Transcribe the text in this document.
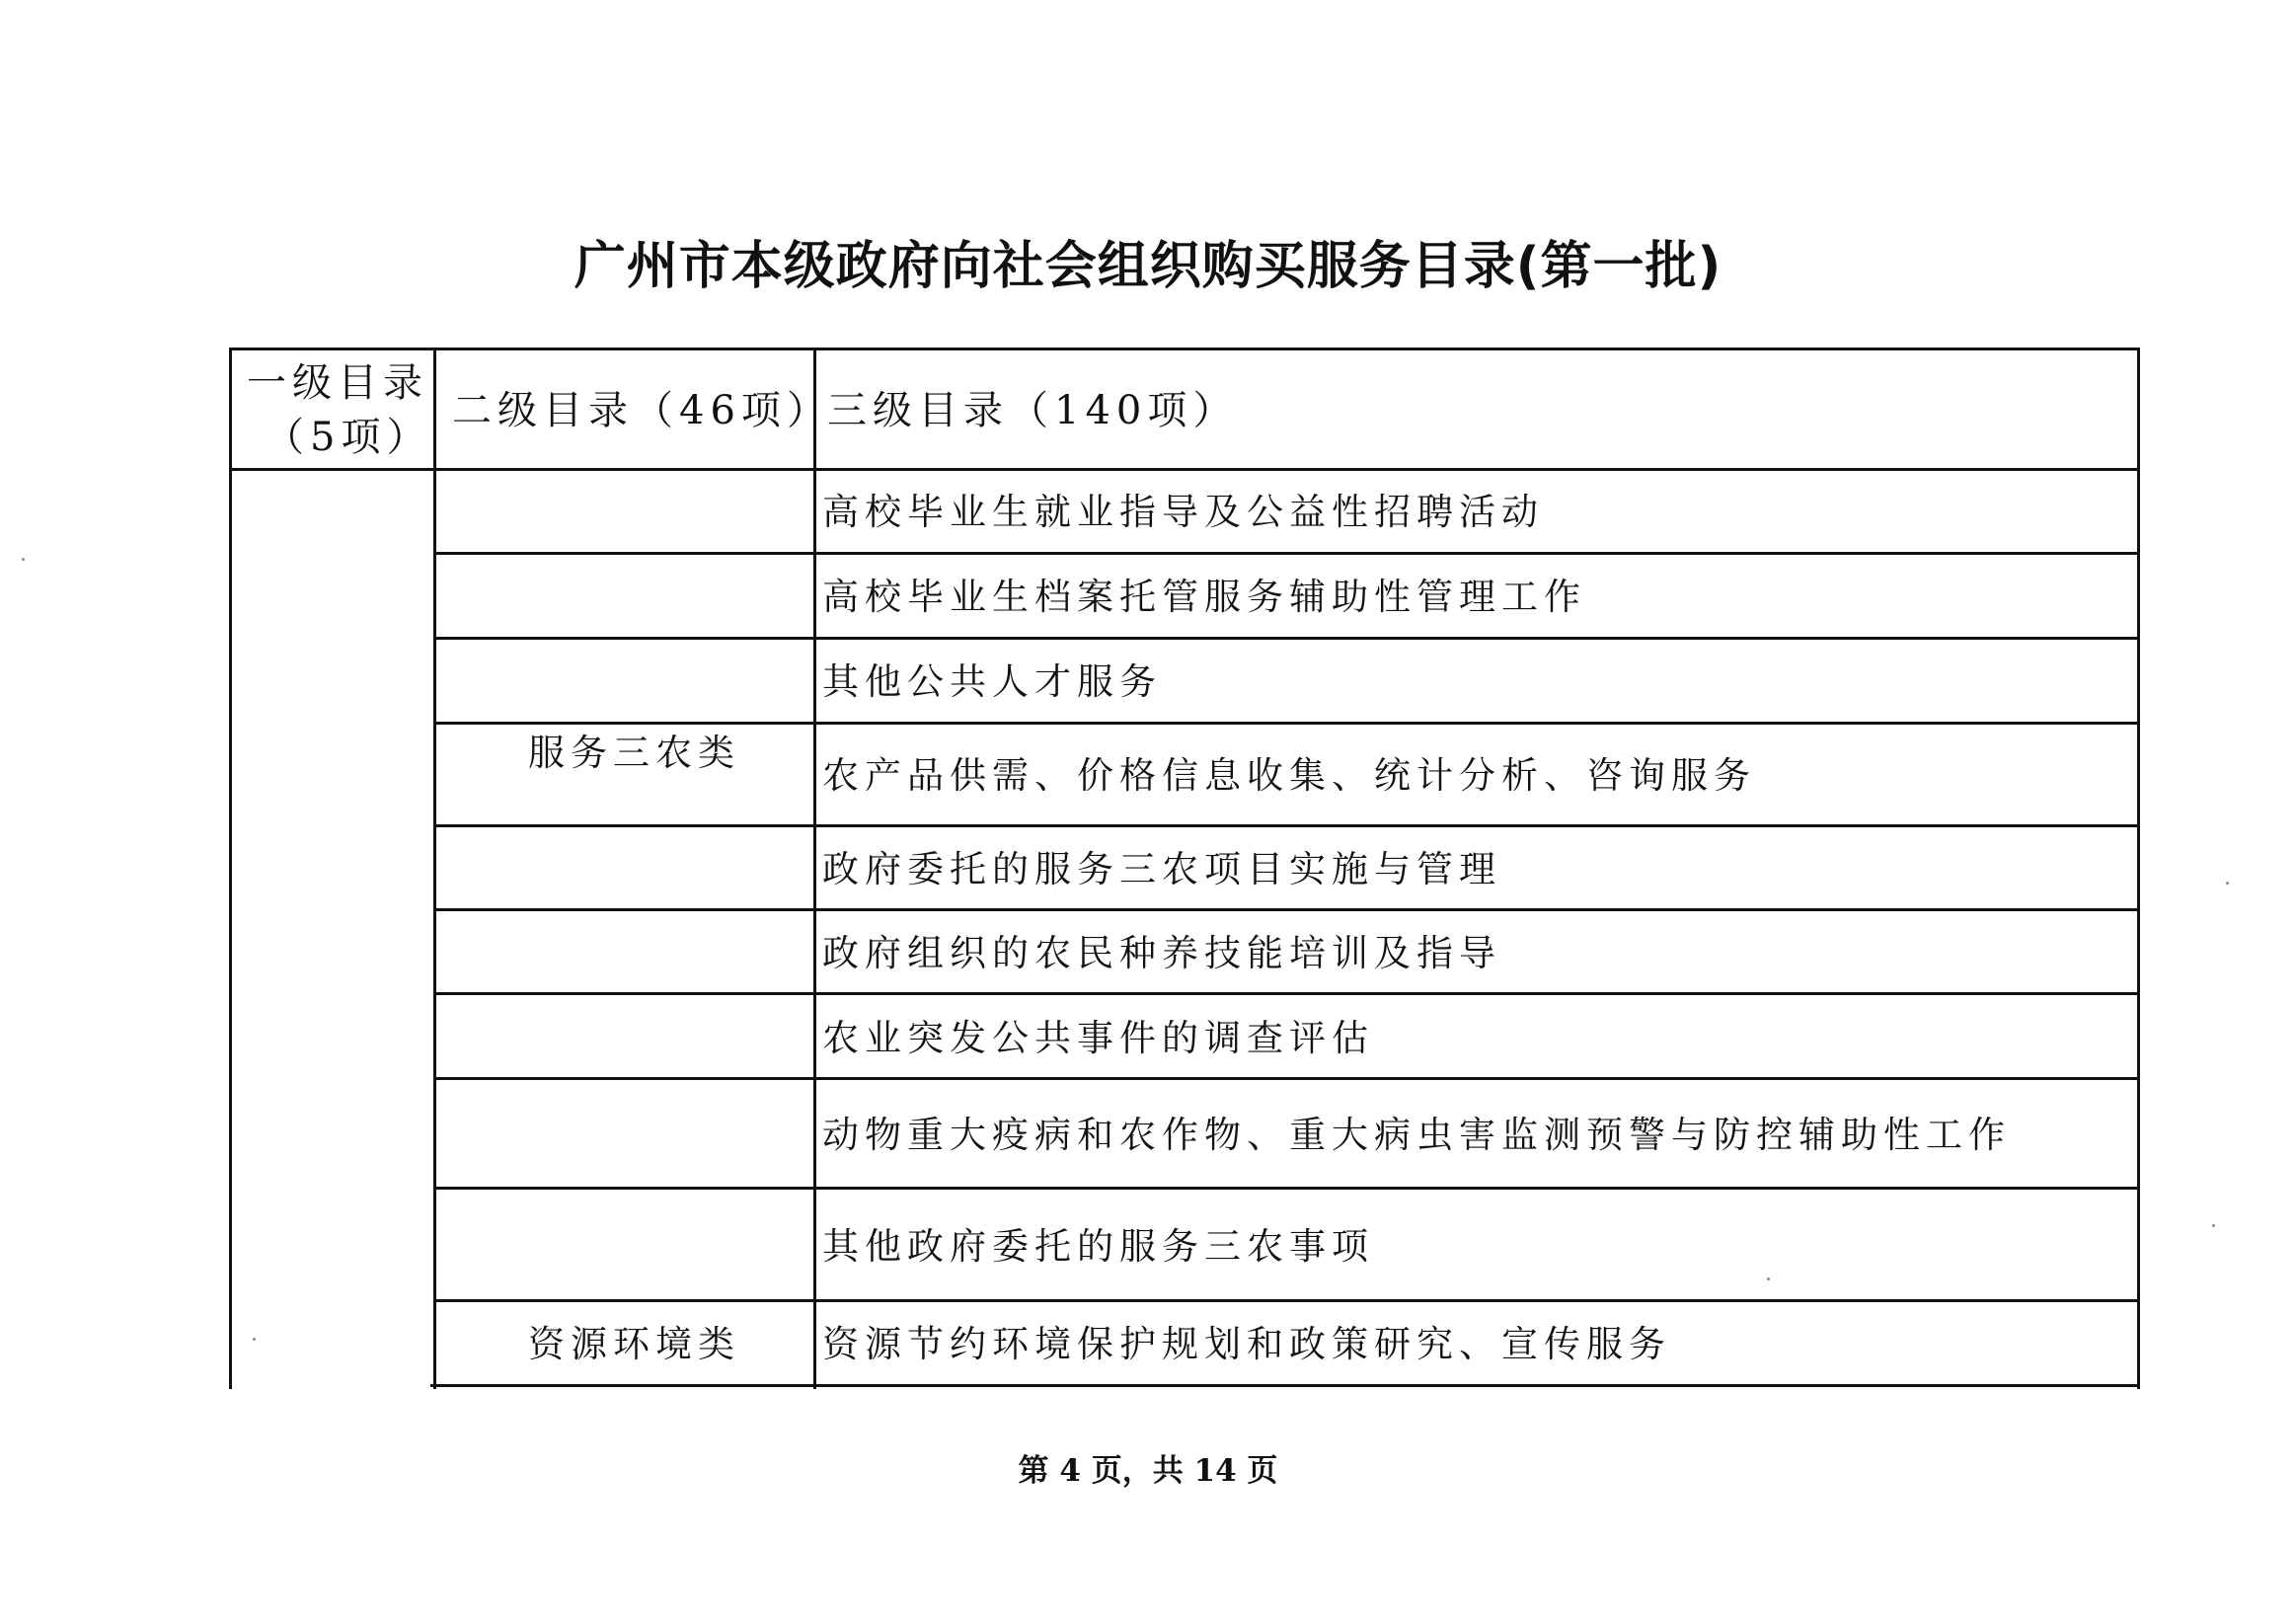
广州市本级政府向社会组织购买服务目录(第一批)
一级目录
（5项）
二级目录（46项）
三级目录（140项）
高校毕业生就业指导及公益性招聘活动
高校毕业生档案托管服务辅助性管理工作
其他公共人才服务
服务三农类
农产品供需、价格信息收集、统计分析、咨询服务
政府委托的服务三农项目实施与管理
政府组织的农民种养技能培训及指导
农业突发公共事件的调查评估
动物重大疫病和农作物、重大病虫害监测预警与防控辅助性工作
其他政府委托的服务三农事项
资源环境类 资源节约环境保护规划和政策研究、宣传服务
第 4 页，共 14 页
